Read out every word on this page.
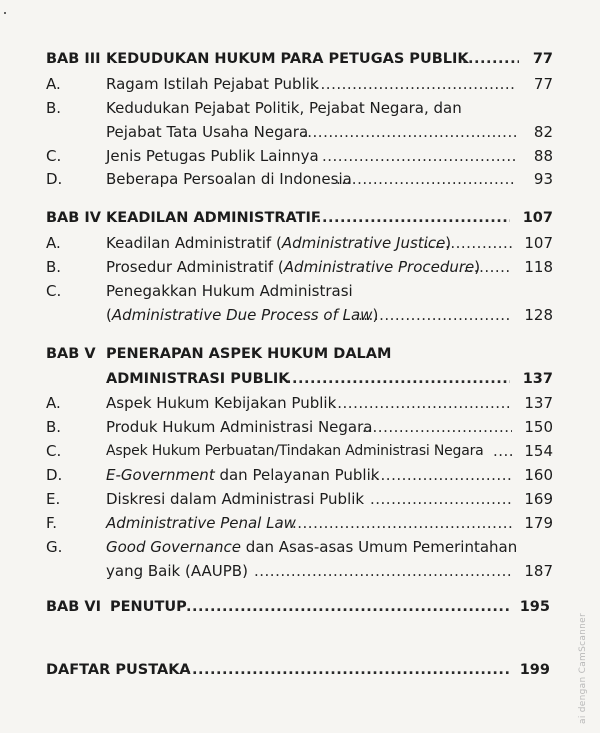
BAB III KEDUDUKAN HUKUM PARA PETUGAS PUBLIK .....	77
A.	Ragam Istilah Pejabat Publik .....	77
B.	Kedudukan Pejabat Politik, Pejabat Negara, dan
Pejabat Tata Usaha Negara .....	82
C.	Jenis Petugas Publik Lainnya .....	88
D.	Beberapa Persoalan di Indonesia .....	93
BAB IV KEADILAN ADMINISTRATIF .....	107
A.	Keadilan Administratif (Administrative Justice) .....	107
B.	Prosedur Administratif (Administrative Procedure) .....	118
C.	Penegakkan Hukum Administrasi
(Administrative Due Process of Law) .....	128
BAB V PENERAPAN ASPEK HUKUM DALAM
ADMINISTRASI PUBLIK .....	137
A.	Aspek Hukum Kebijakan Publik .....	137
B.	Produk Hukum Administrasi Negara .....	150
C.	Aspek Hukum Perbuatan/Tindakan Administrasi Negara .....	154
D.	E-Government dan Pelayanan Publik .....	160
E.	Diskresi dalam Administrasi Publik .....	169
F.	Administrative Penal Law .....	179
G.	Good Governance dan Asas-asas Umum Pemerintahan
yang Baik (AAUPB) .....	187
BAB VI PENUTUP .....	195
DAFTAR PUSTAKA .....	199	ai dengan CamScanner
